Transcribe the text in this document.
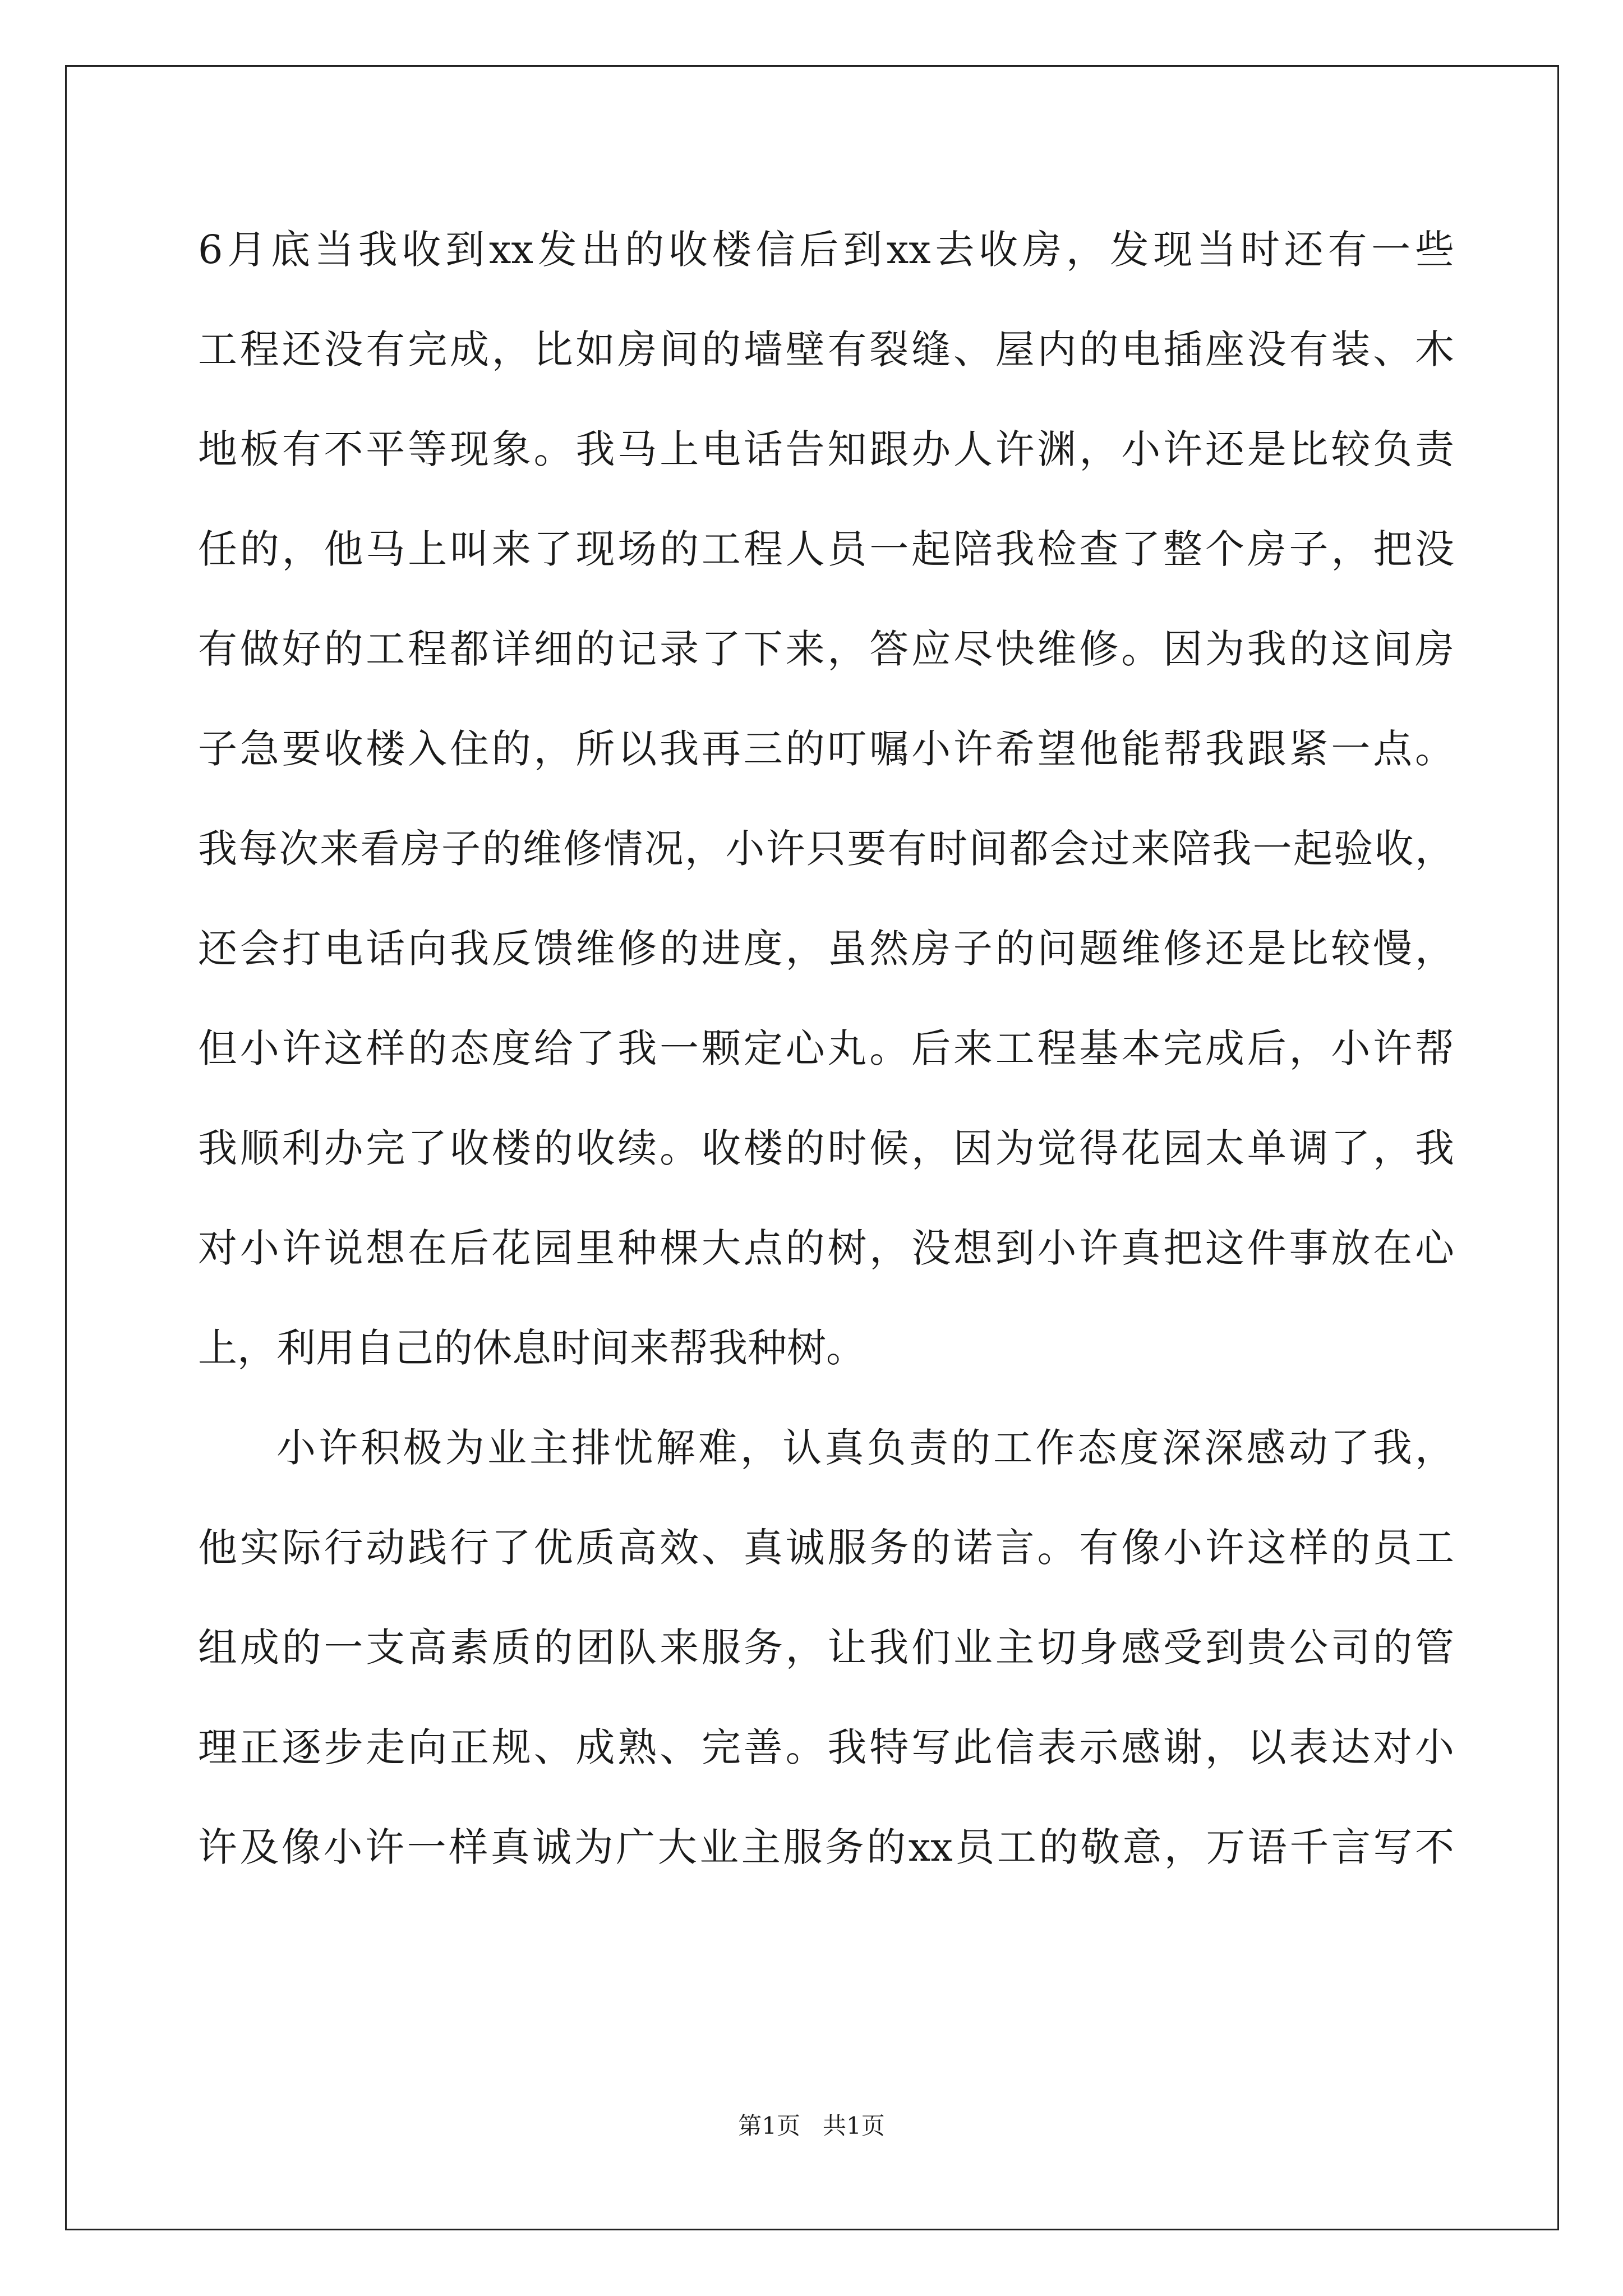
6月底当我收到xx发出的收楼信后到xx去收房，发现当时还有一些
工程还没有完成，比如房间的墙壁有裂缝、屋内的电插座没有装、木
地板有不平等现象。我马上电话告知跟办人许渊，小许还是比较负责
任的，他马上叫来了现场的工程人员一起陪我检查了整个房子，把没
有做好的工程都详细的记录了下来，答应尽快维修。因为我的这间房
子急要收楼入住的，所以我再三的叮嘱小许希望他能帮我跟紧一点。
我每次来看房子的维修情况，小许只要有时间都会过来陪我一起验收，
还会打电话向我反馈维修的进度，虽然房子的问题维修还是比较慢，
但小许这样的态度给了我一颗定心丸。后来工程基本完成后，小许帮
我顺利办完了收楼的收续。收楼的时候，因为觉得花园太单调了，我
对小许说想在后花园里种棵大点的树，没想到小许真把这件事放在心
上，利用自己的休息时间来帮我种树。
小许积极为业主排忧解难，认真负责的工作态度深深感动了我，
他实际行动践行了优质高效、真诚服务的诺言。有像小许这样的员工
组成的一支高素质的团队来服务，让我们业主切身感受到贵公司的管
理正逐步走向正规、成熟、完善。我特写此信表示感谢，以表达对小
许及像小许一样真诚为广大业主服务的xx员工的敬意，万语千言写不
第1页 共1页
